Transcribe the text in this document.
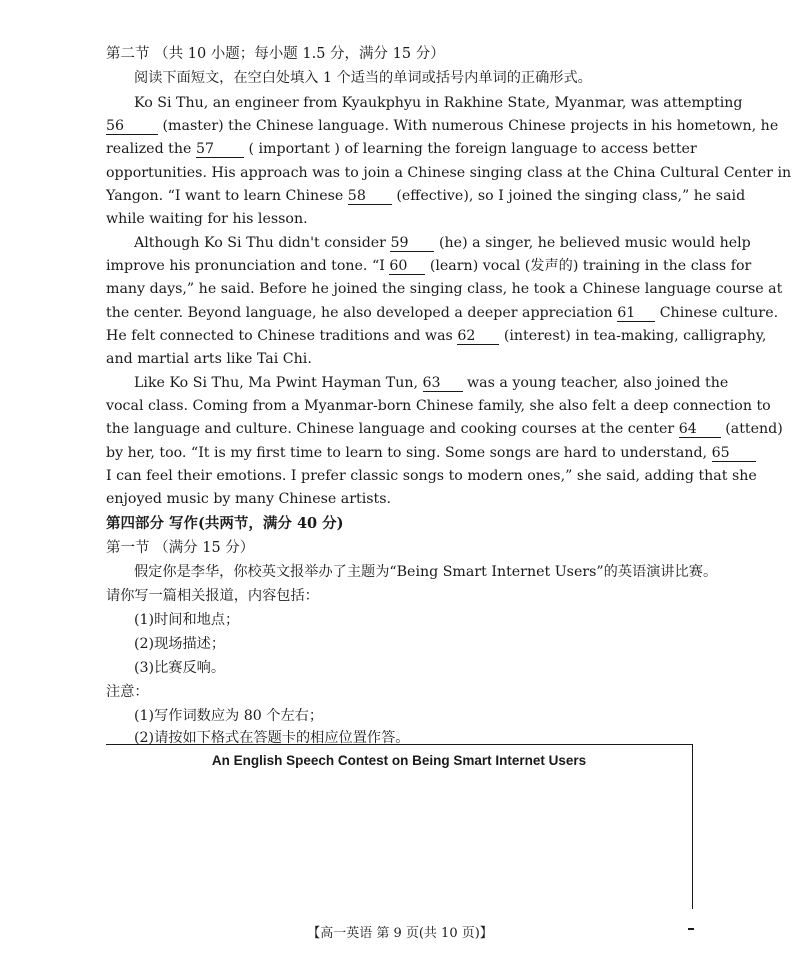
第二节 （共 10 小题；每小题 1.5 分，满分 15 分）
阅读下面短文，在空白处填入 1 个适当的单词或括号内单词的正确形式。
Ko Si Thu, an engineer from Kyaukphyu in Rakhine State, Myanmar, was attempting
56	(master) the Chinese language. With numerous Chinese projects in his hometown, he
realized the 57 ( important ) of learning the foreign language to access better
opportunities. His approach was to join a Chinese singing class at the China Cultural Center in
Yangon. “I want to learn Chinese 58 (effective), so I joined the singing class,” he said
while waiting for his lesson.
Although Ko Si Thu didn't consider 59 (he) a singer, he believed music would help
improve his pronunciation and tone. “I 60 (learn) vocal (发声的) training in the class for
many days,” he said. Before he joined the singing class, he took a Chinese language course at
the center. Beyond language, he also developed a deeper appreciation 61 Chinese culture.
He felt connected to Chinese traditions and was 62 (interest) in tea-making, calligraphy,
and martial arts like Tai Chi.
Like Ko Si Thu, Ma Pwint Hayman Tun, 63 was a young teacher, also joined the
vocal class. Coming from a Myanmar-born Chinese family, she also felt a deep connection to
the language and culture. Chinese language and cooking courses at the center 64 (attend)
by her, too. “It is my first time to learn to sing. Some songs are hard to understand, 65
I can feel their emotions. I prefer classic songs to modern ones,” she said, adding that she
enjoyed music by many Chinese artists.
第四部分 写作(共两节，满分 40 分)
第一节 （满分 15 分）
假定你是李华，你校英文报举办了主题为“Being Smart Internet Users”的英语演讲比赛。
请你写一篇相关报道，内容包括：
(1)时间和地点；
(2)现场描述；
(3)比赛反响。
注意：
(1)写作词数应为 80 个左右；
(2)请按如下格式在答题卡的相应位置作答。
An English Speech Contest on Being Smart Internet Users
【高一英语 第 9 页(共 10 页)】
